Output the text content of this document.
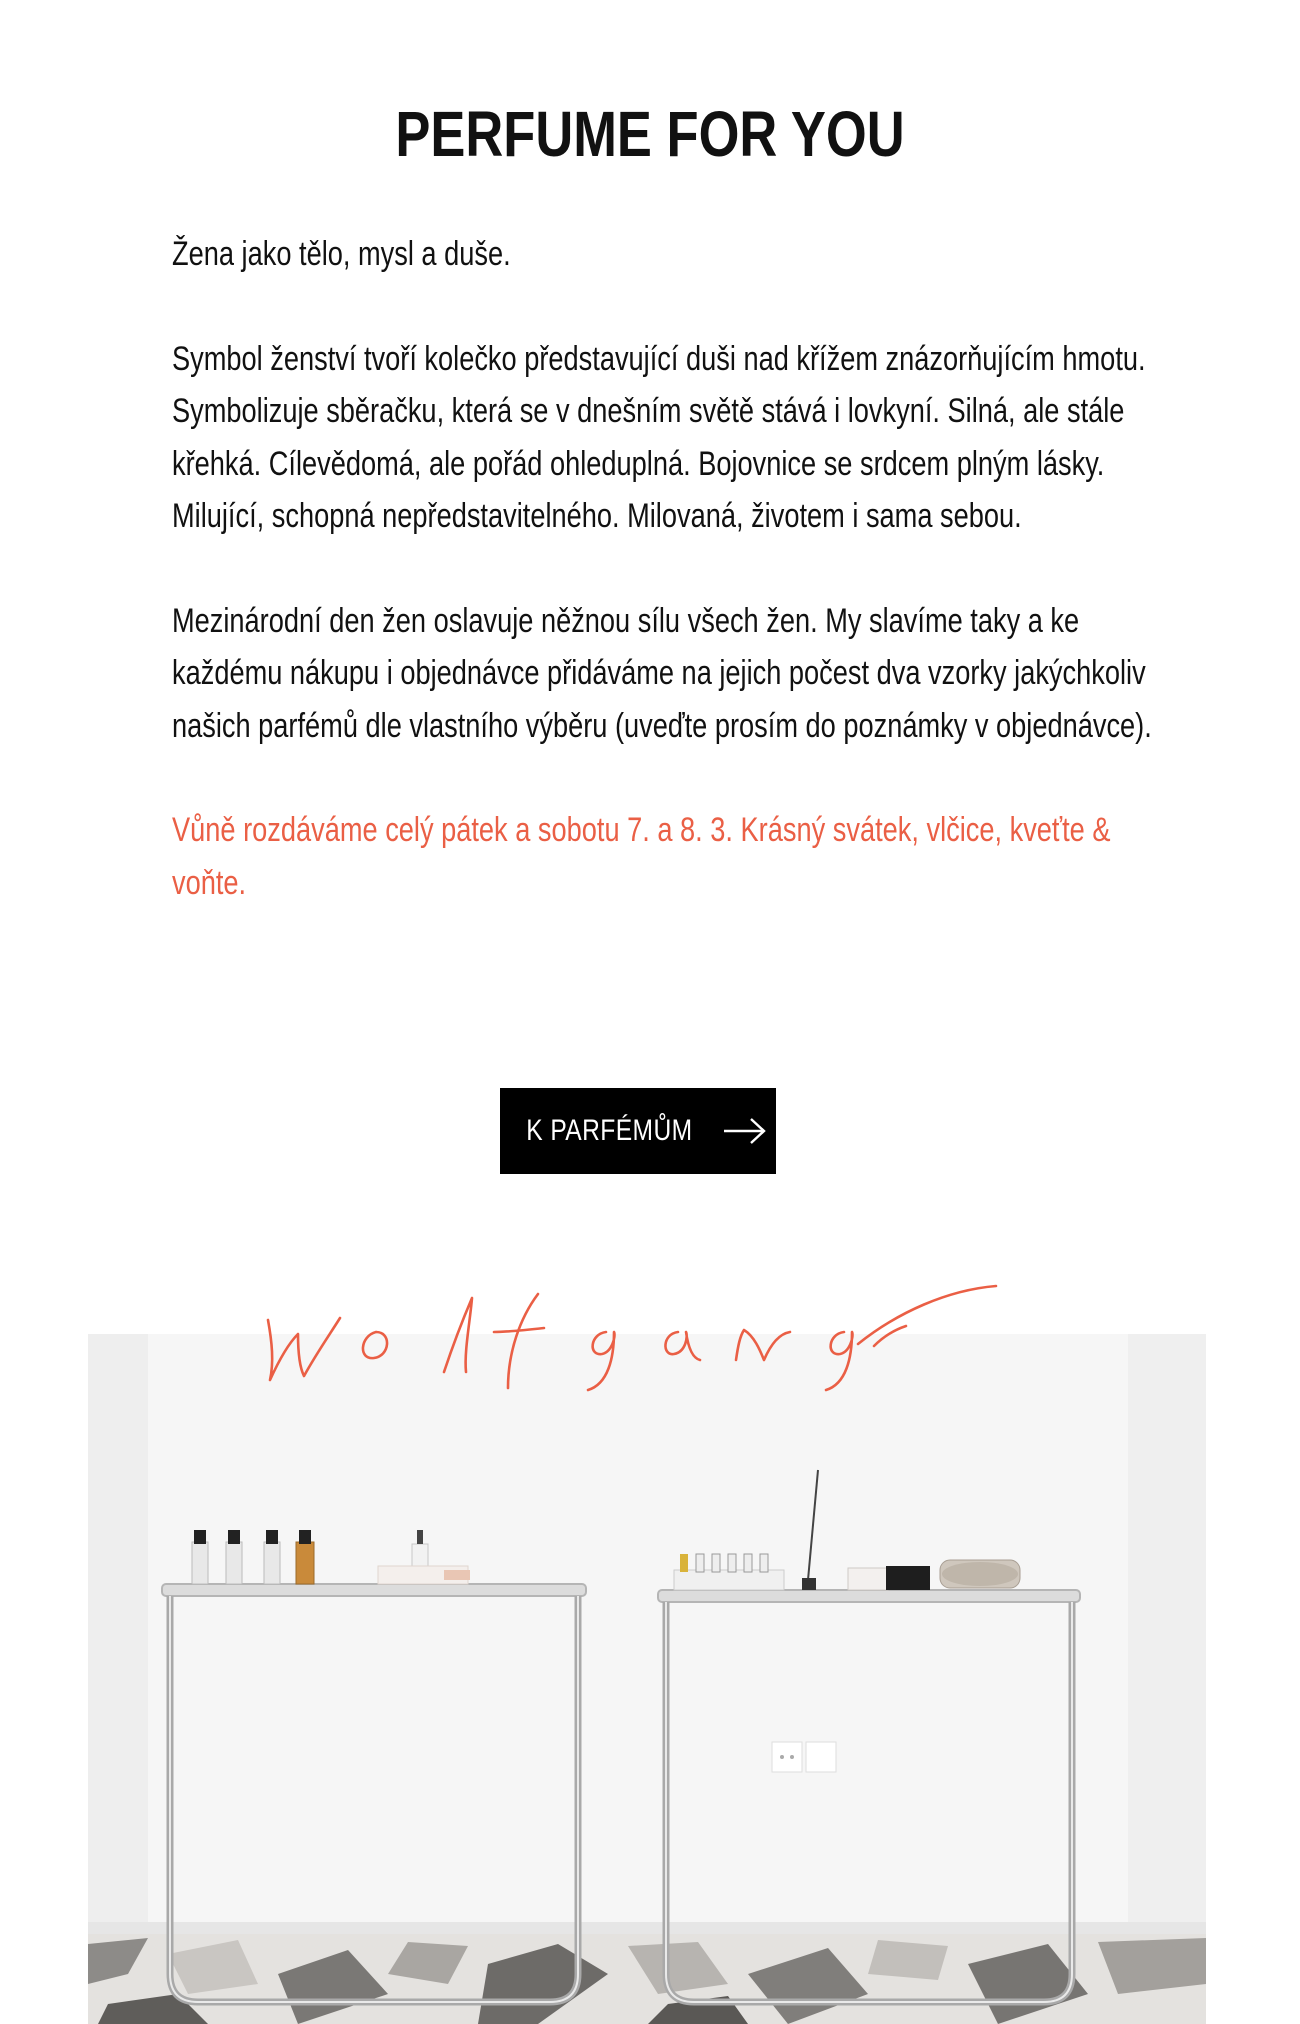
PERFUME FOR YOU

Žena jako tělo, mysl a duše.

Symbol ženství tvoří kolečko představující duši nad křížem znázorňujícím hmotu. Symbolizuje sběračku, která se v dnešním světě stává i lovkyní. Silná, ale stále křehká. Cílevědomá, ale pořád ohleduplná. Bojovnice se srdcem plným lásky. Milující, schopná nepředstavitelného. Milovaná, životem i sama sebou.

Mezinárodní den žen oslavuje něžnou sílu všech žen. My slavíme taky a ke každému nákupu i objednávce přidáváme na jejich počest dva vzorky jakýchkoliv našich parfémů dle vlastního výběru (uveďte prosím do poznámky v objednávce).

Vůně rozdáváme celý pátek a sobotu 7. a 8. 3. Krásný svátek, vlčice, kveťte & voňte.

K PARFÉMŮM
